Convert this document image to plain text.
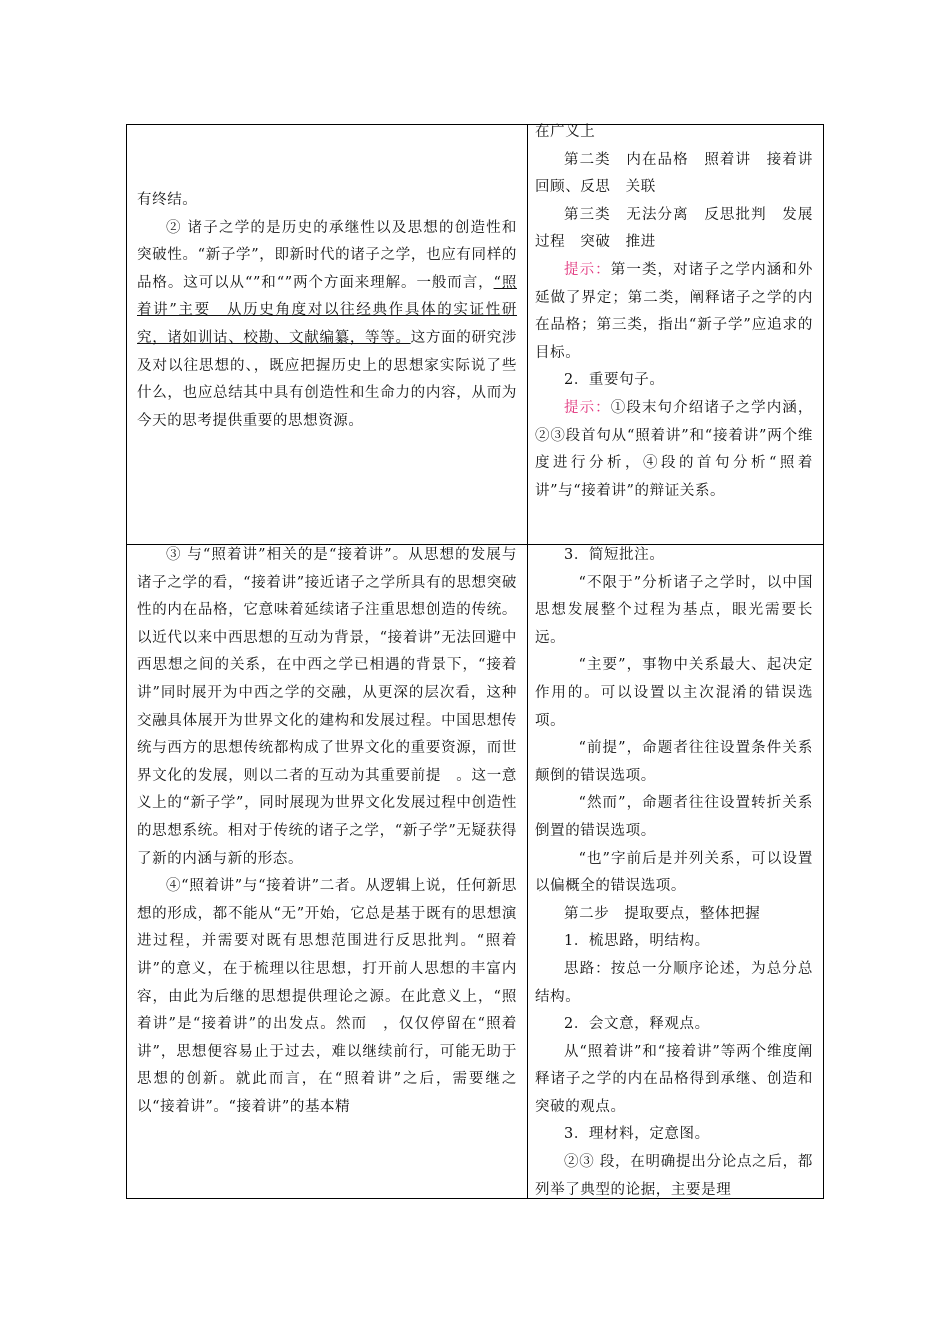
有终结。

② 诸子之学的是历史的承继性以及思想的创造性和突破性。“新子学”，即新时代的诸子之学，也应有同样的品格。这可以从“”和“”两个方面来理解。一般而言，“照着讲”主要　从历史角度对以往经典作具体的实证性研究，诸如训诂、校勘、文献编纂，等等。这方面的研究涉及对以往思想的、，既应把握历史上的思想家实际说了些什么，也应总结其中具有创造性和生命力的内容，从而为今天的思考提供重要的思想资源。

在广义上

第二类　内在品格　照着讲　接着讲　回顾、反思　关联

第三类　无法分离　反思批判　发展过程　突破　推进

提示：第一类，对诸子之学内涵和外延做了界定；第二类，阐释诸子之学的内在品格；第三类，指出“新子学”应追求的目标。

2．重要句子。

提示：①段末句介绍诸子之学内涵，②③段首句从“照着讲”和“接着讲”两个维度进行分析，④段的首句分析“照着讲”与“接着讲”的辩证关系。

③ 与“照着讲”相关的是“接着讲”。从思想的发展与诸子之学的看，“接着讲”接近诸子之学所具有的思想突破性的内在品格，它意味着延续诸子注重思想创造的传统。以近代以来中西思想的互动为背景，“接着讲”无法回避中西思想之间的关系，在中西之学已相遇的背景下，“接着讲”同时展开为中西之学的交融，从更深的层次看，这种交融具体展开为世界文化的建构和发展过程。中国思想传统与西方的思想传统都构成了世界文化的重要资源，而世界文化的发展，则以二者的互动为其重要前提　。这一意义上的“新子学”，同时展现为世界文化发展过程中创造性的思想系统。相对于传统的诸子之学，“新子学”无疑获得了新的内涵与新的形态。

④“照着讲”与“接着讲”二者。从逻辑上说，任何新思想的形成，都不能从“无”开始，它总是基于既有的思想演进过程，并需要对既有思想范围进行反思批判。“照着讲”的意义，在于梳理以往思想，打开前人思想的丰富内容，由此为后继的思想提供理论之源。在此意义上，“照着讲”是“接着讲”的出发点。然而　，仅仅停留在“照着讲”，思想便容易止于过去，难以继续前行，可能无助于思想的创新。就此而言，在“照着讲”之后，需要继之以“接着讲”。“接着讲”的基本精

3．简短批注。

“不限于”分析诸子之学时，以中国思想发展整个过程为基点，眼光需要长远。

“主要”，事物中关系最大、起决定作用的。可以设置以主次混淆的错误选项。

“前提”，命题者往往设置条件关系颠倒的错误选项。

“然而”，命题者往往设置转折关系倒置的错误选项。

“也”字前后是并列关系，可以设置以偏概全的错误选项。

第二步　提取要点，整体把握

1．梳思路，明结构。

思路：按总一分顺序论述，为总分总结构。

2．会文意，释观点。

从“照着讲”和“接着讲”等两个维度阐释诸子之学的内在品格得到承继、创造和突破的观点。

3．理材料，定意图。

②③ 段，在明确提出分论点之后，都列举了典型的论据，主要是理
